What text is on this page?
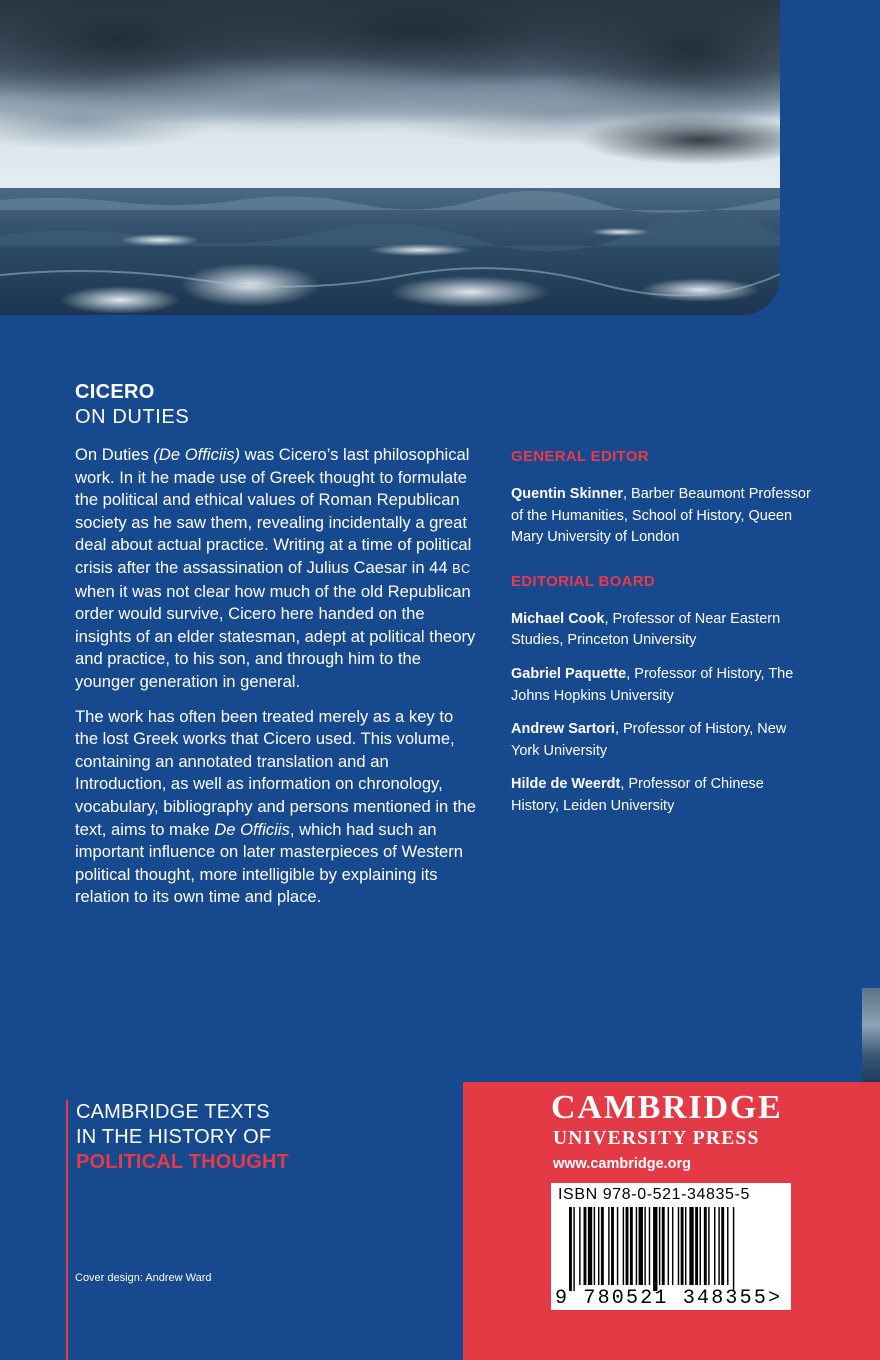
CICERO
ON DUTIES

On Duties (De Officiis) was Cicero’s last philosophical work. In it he made use of Greek thought to formulate the political and ethical values of Roman Republican society as he saw them, revealing incidentally a great deal about actual practice. Writing at a time of political crisis after the assassination of Julius Caesar in 44 BC when it was not clear how much of the old Republican order would survive, Cicero here handed on the insights of an elder statesman, adept at political theory and practice, to his son, and through him to the younger generation in general.

The work has often been treated merely as a key to the lost Greek works that Cicero used. This volume, containing an annotated translation and an Introduction, as well as information on chronology, vocabulary, bibliography and persons mentioned in the text, aims to make De Officiis, which had such an important influence on later masterpieces of Western political thought, more intelligible by explaining its relation to its own time and place.

GENERAL EDITOR
Quentin Skinner, Barber Beaumont Professor of the Humanities, School of History, Queen Mary University of London
EDITORIAL BOARD
Michael Cook, Professor of Near Eastern Studies, Princeton University
Gabriel Paquette, Professor of History, The Johns Hopkins University
Andrew Sartori, Professor of History, New York University
Hilde de Weerdt, Professor of Chinese History, Leiden University
CAMBRIDGE TEXTS
IN THE HISTORY OF
POLITICAL THOUGHT
Cover design: Andrew Ward
CAMBRIDGE
UNIVERSITY PRESS
www.cambridge.org
ISBN 978-0-521-34835-5
9 780521 348355>
